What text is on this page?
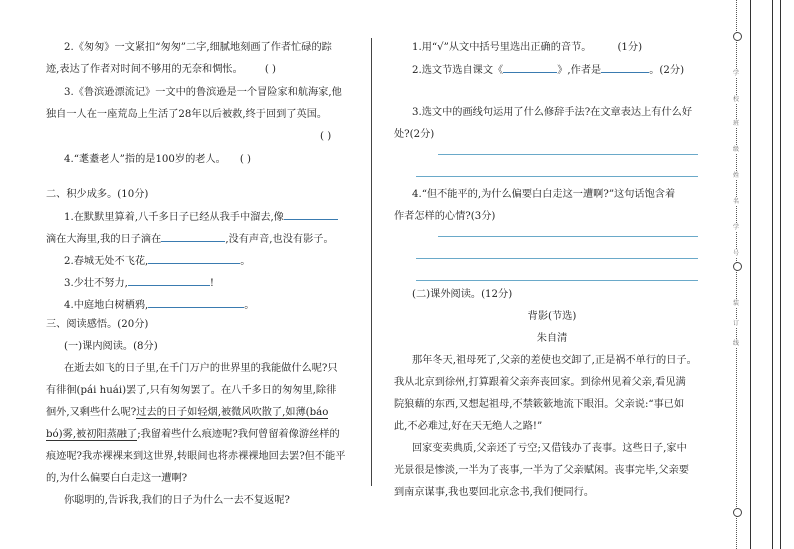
2.《匆匆》一文紧扣“匆匆”二字,细腻地刻画了作者忙碌的踪
迹,表达了作者对时间不够用的无奈和惆怅。 ( )
3.《鲁滨逊漂流记》一文中的鲁滨逊是一个冒险家和航海家,他
独自一人在一座荒岛上生活了28年以后被救,终于回到了英国。
( )
4.“耄耋老人”指的是100岁的老人。 ( )
二、积少成多。(10分)
1.在默默里算着,八千多日子已经从我手中溜去,像
滴在大海里,我的日子滴在	,没有声音,也没有影子。
2.春城无处不飞花,	。
3.少壮不努力,	!
4.中庭地白树栖鸦,	。
三、阅读感悟。(20分)
(一)课内阅读。(8分)
在逝去如飞的日子里,在千门万户的世界里的我能做什么呢?只
有徘徊(pái huái)罢了,只有匆匆罢了。在八千多日的匆匆里,除徘
徊外,又剩些什么呢?过去的日子如轻烟,被微风吹散了,如薄(báo
bó)雾,被初阳蒸融了;我留着些什么痕迹呢?我何曾留着像游丝样的
痕迹呢?我赤裸裸来到这世界,转眼间也将赤裸裸地回去罢?但不能平
的,为什么偏要白白走这一遭啊?
你聪明的,告诉我,我们的日子为什么一去不复返呢?
1.用“√”从文中括号里选出正确的音节。	(1分)
2.选文节选自课文《	》,作者是	。(2分)
3.选文中的画线句运用了什么修辞手法?在文章表达上有什么好
处?(2分)
4.“但不能平的,为什么偏要白白走这一遭啊?”这句话饱含着
作者怎样的心情?(3分)
(二)课外阅读。(12分)
背影(节选)
朱自清
那年冬天,祖母死了,父亲的差使也交卸了,正是祸不单行的日子。
我从北京到徐州,打算跟着父亲奔丧回家。到徐州见着父亲,看见满
院狼藉的东西,又想起祖母,不禁簌簌地流下眼泪。父亲说:“事已如
此,不必难过,好在天无绝人之路!”
回家变卖典质,父亲还了亏空;又借钱办了丧事。这些日子,家中
光景很是惨淡,一半为了丧事,一半为了父亲赋闲。丧事完毕,父亲要
到南京谋事,我也要回北京念书,我们便同行。
学
校
班
级
姓
名
学
号
装
订
线
